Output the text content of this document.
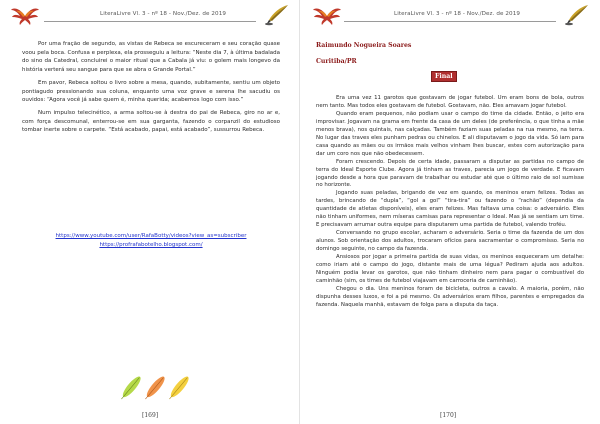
LiteraLivre Vl. 3 - nº 18 - Nov./Dez. de 2019

Por uma fração de segundo, as vistas de Rebeca se escureceram e seu coração quase voou pela boca. Confusa e perplexa, ela prosseguiu a leitura: “Neste dia 7, à última badalada do sino da Catedral, concluirei o maior ritual que a Cabala já viu: o golem mais longevo da história verterá seu sangue para que se abra o Grande Portal.”

Em pavor, Rebeca soltou o livro sobre a mesa, quando, subitamente, sentiu um objeto pontiagudo pressionando sua coluna, enquanto uma voz grave e serena lhe sacudiu os ouvidos: “Agora você já sabe quem é, minha querida; acabemos logo com isso.”

Num impulso telecinético, a arma soltou-se à destra do pai de Rebeca, giro no ar e, com força descomunal, enterrou-se em sua garganta, fazendo o corpanzil do estudioso tombar inerte sobre o carpete. “Está acabado, papai, está acabado”, sussurrou Rebeca.

https://www.youtube.com/user/RafaBotty/videos?view_as=subscriber
https://profrafabotelho.blogspot.com/
[169]
LiteraLivre Vl. 3 - nº 18 - Nov./Dez. de 2019
Raimundo Nogueira Soares
Curitiba/PR
Final

Era uma vez 11 garotos que gostavam de jogar futebol. Um eram bons de bola, outros nem tanto. Mas todos eles gostavam de futebol. Gostavam, não. Eles amavam jogar futebol.

Quando eram pequenos, não podiam usar o campo do time da cidade. Então, o jeito era improvisar. Jogavam na grama em frente da casa de um deles (de preferência, o que tinha a mãe menos brava), nos quintais, nas calçadas. Também faziam suas peladas na rua mesmo, na terra. No lugar das traves eles punham pedras ou chinelos. E ali disputavam o jogo da vida. Só iam para casa quando as mães ou os irmãos mais velhos vinham lhes buscar, estes com autorização para dar um coro nos que não obedecessem.

Foram crescendo. Depois de certa idade, passaram a disputar as partidas no campo de terra do Ideal Esporte Clube. Agora já tinham as traves, parecia um jogo de verdade. E ficavam jogando desde a hora que paravam de trabalhar ou estudar até que o último raio de sol sumisse no horizonte.

Jogando suas peladas, brigando de vez em quando, os meninos eram felizes. Todas as tardes, brincando de “dupla”, “gol a gol” “tira-tira” ou fazendo o “rachão” (dependia da quantidade de atletas disponíveis), eles eram felizes. Mas faltava uma coisa: o adversário. Eles não tinham uniformes, nem míseras camisas para representar o Ideal. Mas já se sentiam um time. E precisavam arrumar outra equipe para disputarem uma partida de futebol, valendo troféu.

Conversando no grupo escolar, acharam o adversário. Seria o time da fazenda de um dos alunos. Sob orientação dos adultos, trocaram ofícios para sacramentar o compromisso. Seria no domingo seguinte, no campo da fazenda.

Ansiosos por jogar a primeira partida de suas vidas, os meninos esqueceram um detalhe: como iriam até o campo do jogo, distante mais de uma légua? Pediram ajuda aos adultos. Ninguém podia levar os garotos, que não tinham dinheiro nem para pagar o combustível do caminhão (sim, os times de futebol viajavam em carroceria de caminhão).

Chegou o dia. Uns meninos foram de bicicleta, outros a cavalo. A maioria, porém, não dispunha desses luxos, e foi a pé mesmo. Os adversários eram filhos, parentes e empregados da fazenda. Naquela manhã, estavam de folga para a disputa da taça.

[170]
